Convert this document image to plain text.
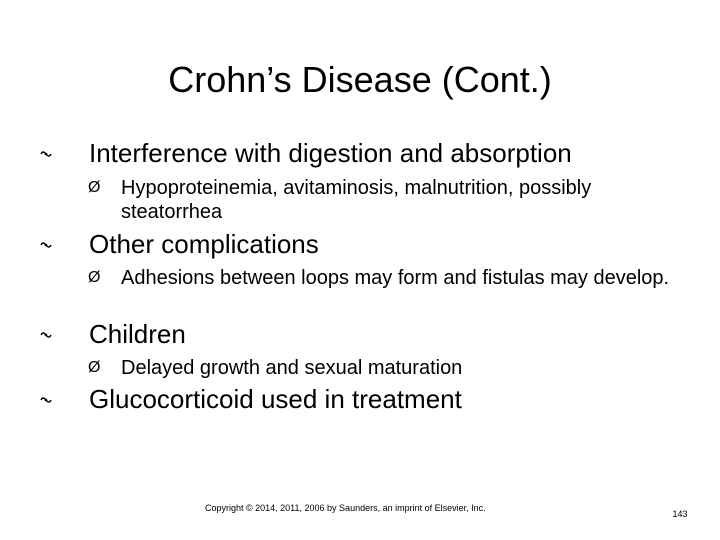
Crohn’s Disease (Cont.)
Interference with digestion and absorption
Ø Hypoproteinemia, avitaminosis, malnutrition, possibly steatorrhea
Other complications
Ø Adhesions between loops may form and fistulas may develop.
Children
Ø Delayed growth and sexual maturation
Glucocorticoid used in treatment
Copyright © 2014, 2011, 2006 by Saunders, an imprint of Elsevier, Inc.
143
